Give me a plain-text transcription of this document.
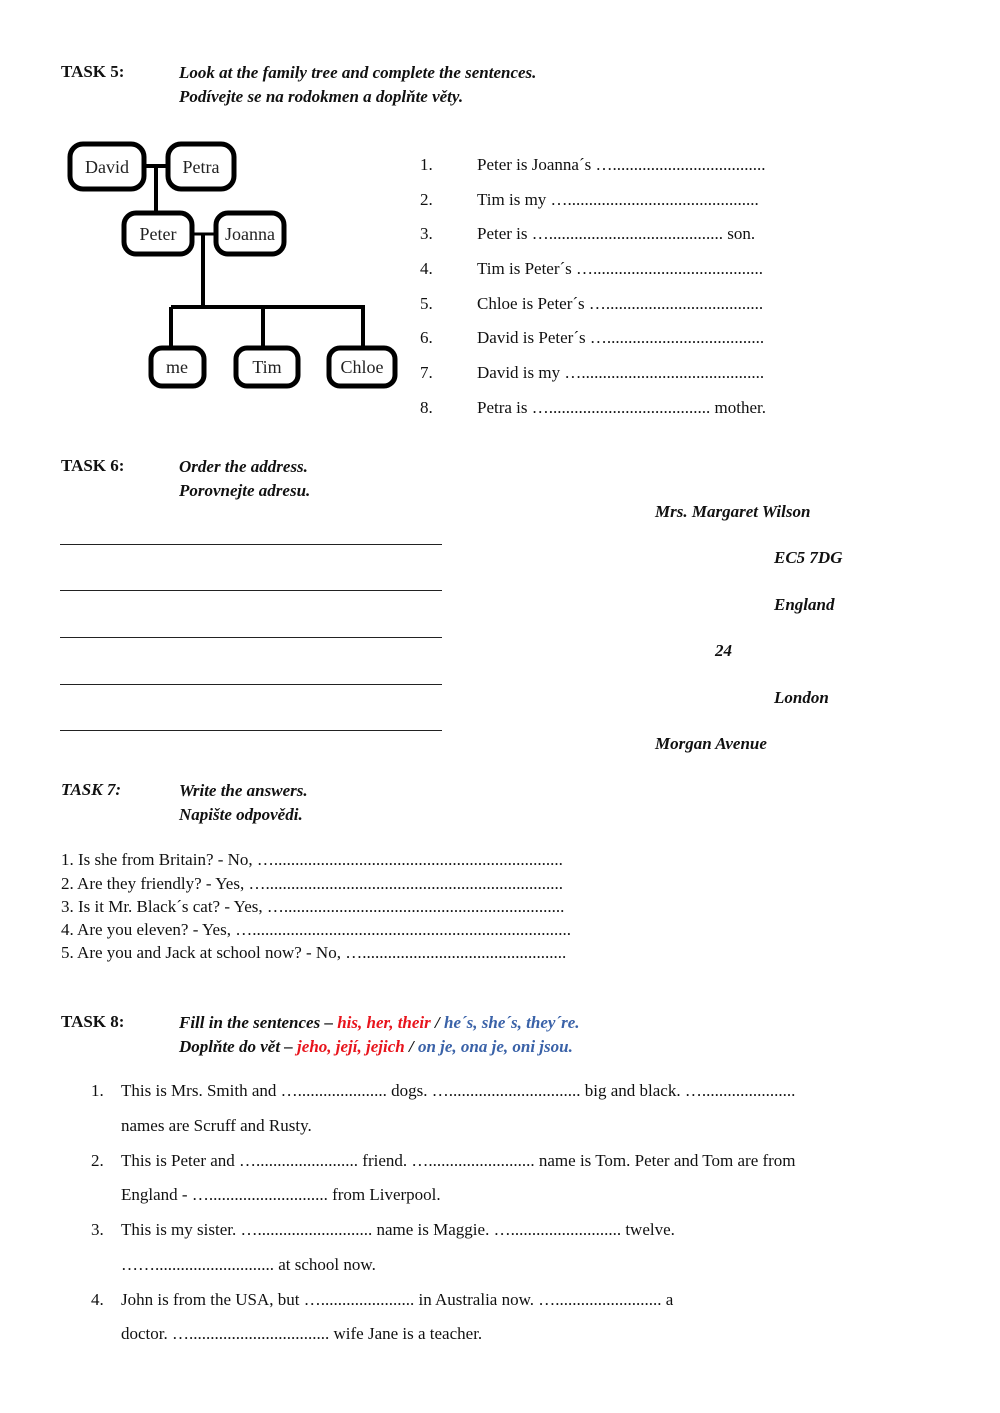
TASK 5:	Look at the family tree and complete the sentences.
Podívejte se na rodokmen a doplňte věty.
David	Petra
Peter	Joanna
me	Tim	Chloe
1.	Peter is Joanna´s …....................................
2.	Tim is my ….............................................
3.	Peter is …......................................... son.
4.	Tim is Peter´s …........................................
5.	Chloe is Peter´s ….....................................
6.	David is Peter´s ….....................................
7.	David is my …...........................................
8.	Petra is …...................................... mother.
TASK 6:	Order the address.
Porovnejte adresu.
Mrs. Margaret Wilson
EC5 7DG
England
24
London
Morgan Avenue
TASK 7:	Write the answers.
Napište odpovědi.
1. Is she from Britain? - No, …....................................................................
2. Are they friendly? - Yes, …......................................................................
3. Is it Mr. Black´s cat? - Yes, …..................................................................
4. Are you eleven? - Yes, …...........................................................................
5. Are you and Jack at school now? - No, …................................................
TASK 8:	Fill in the sentences – his, her, their / he´s, she´s, they´re.
Doplňte do vět – jeho, její, jejich / on je, ona je, oni jsou.
1. This is Mrs. Smith and …..................... dogs. …............................... big and black. …......................
names are Scruff and Rusty.
2. This is Peter and …........................ friend. …......................... name is Tom. Peter and Tom are from
England - …............................ from Liverpool.
3. This is my sister. …........................... name is Maggie. ….......................... twelve.
……............................ at school now.
4. John is from the USA, but …...................... in Australia now. …......................... a
doctor. …................................. wife Jane is a teacher.
